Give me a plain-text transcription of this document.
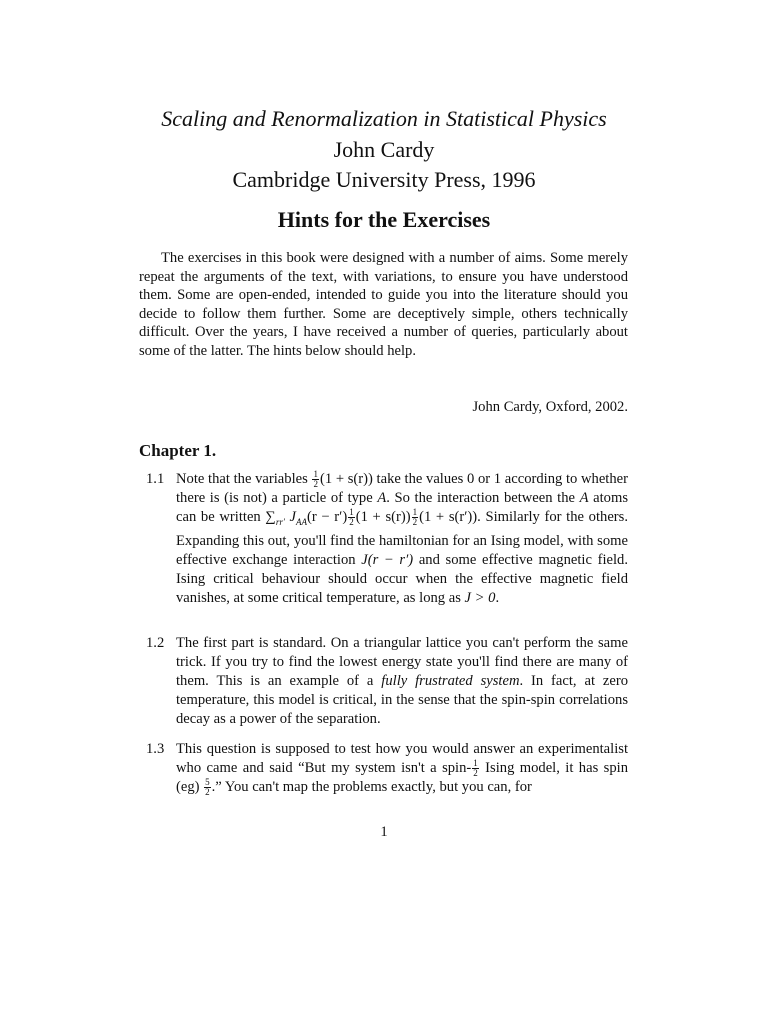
Scaling and Renormalization in Statistical Physics
John Cardy
Cambridge University Press, 1996
Hints for the Exercises

The exercises in this book were designed with a number of aims. Some merely repeat the arguments of the text, with variations, to ensure you have understood them. Some are open-ended, intended to guide you into the literature should you decide to follow them further. Some are deceptively simple, others technically difficult. Over the years, I have received a number of queries, particularly about some of the latter. The hints below should help.

John Cardy, Oxford, 2002.
Chapter 1.
1.1 Note that the variables $\frac{1}{2} (1 + s(r))$ take the values 0 or 1 according to whether there is (is not) a particle of type A. So the interaction between the A atoms can be written $\sum_{rr'}$ $J_{AA}(r - r') \frac{1}{2} (1 + s(r)) \frac{1}{2} (1 + s(r'))$. Similarly for the others. Expanding this out, you'll find the hamiltonian for an Ising model, with some effective exchange interaction J(r − r′) and some effective magnetic field. Ising critical behaviour should occur when the effective magnetic field vanishes, at some critical temperature, as long as J > 0.
1.2 The first part is standard. On a triangular lattice you can't perform the same trick. If you try to find the lowest energy state you'll find there are many of them. This is an example of a fully frustrated system. In fact, at zero temperature, this model is critical, in the sense that the spin-spin correlations decay as a power of the separation.
1.3 This question is supposed to test how you would answer an experimentalist who came and said “But my system isn't a spin- $\frac{1}{2}$ Ising model, it has spin $(eg) \frac{5}{2}$ .” You can't map the problems exactly, but you can, for
1
